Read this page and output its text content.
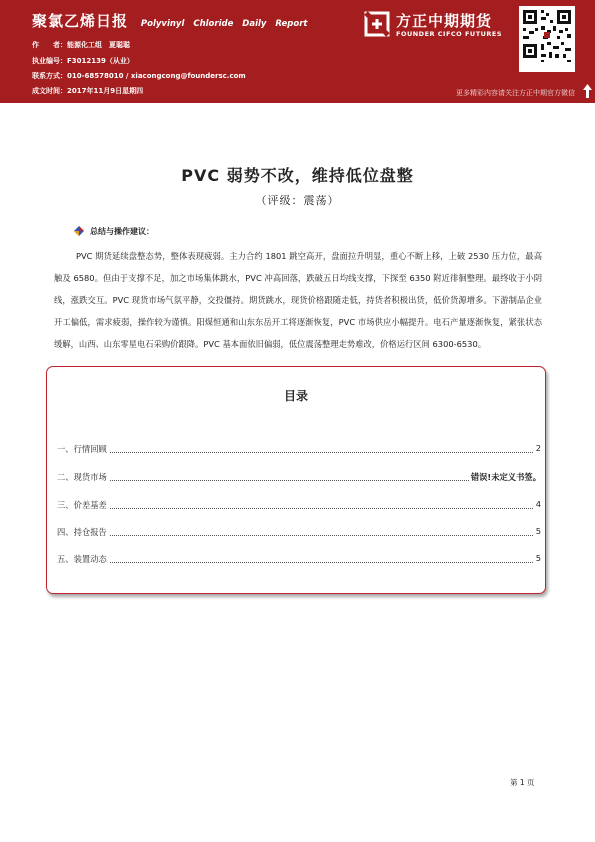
聚氯乙烯日报 Polyvinyl Chloride Daily Report
作　　者：能源化工组　夏聪聪
执业编号：F3012139（从业）
联系方式：010-68578010 / xiacongcong@foundersc.com
成文时间：2017年11月9日星期四
方正中期期货
FOUNDER CIFCO FUTURES
更多精彩内容请关注方正中期官方微信
PVC 弱势不改，维持低位盘整
（评级：震荡）
总结与操作建议：
PVC 期货延续盘整态势，整体表现疲弱。主力合约 1801 跳空高开，盘面拉升明显，重心不断上移，上破 2530 压力位，最高触及 6580。但由于支撑不足，加之市场集体跳水，PVC 冲高回落，跌破五日均线支撑，下探至 6350 附近徘徊整理。最终收于小阴线，涨跌交互。PVC 现货市场气氛平静，交投僵持。期货跳水，现货价格跟随走低，持货者积极出货，低价货源增多。下游制品企业开工偏低，需求疲弱，操作较为谨慎。阳煤恒通和山东东岳开工将逐渐恢复，PVC 市场供应小幅提升。电石产量逐渐恢复，紧张状态缓解，山西、山东零星电石采购价跟降。PVC 基本面依旧偏弱，低位震荡整理走势难改，价格运行区间 6300-6530。
目录
一、行情回顾	2
二、现货市场	错误!未定义书签。
三、价差基差	4
四、持仓报告	5
五、装置动态	5
第 1 页
